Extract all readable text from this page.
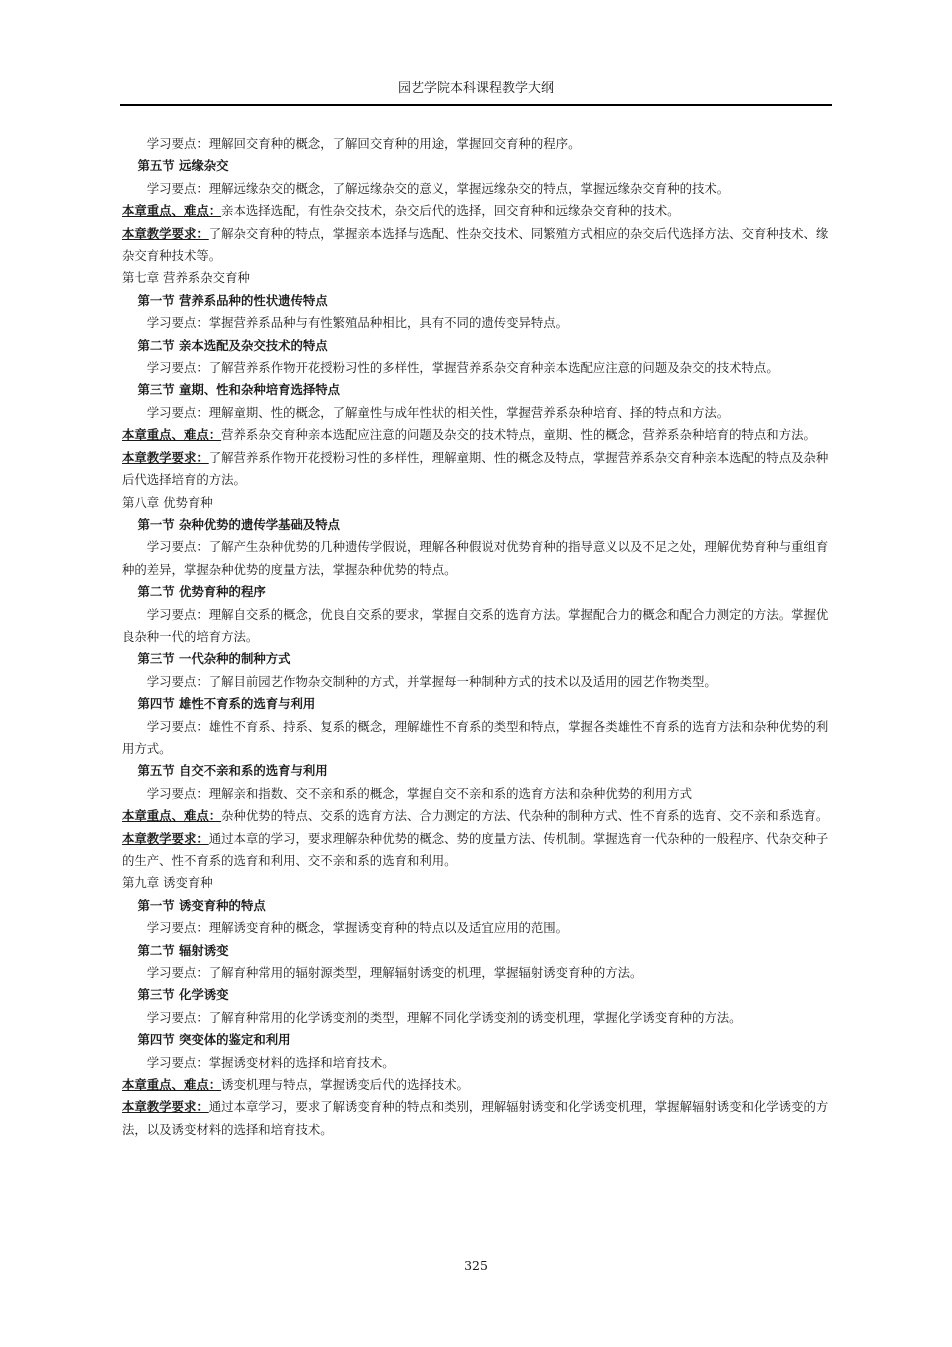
园艺学院本科课程教学大纲

学习要点：理解回交育种的概念，了解回交育种的用途，掌握回交育种的程序。

第五节 远缘杂交

学习要点：理解远缘杂交的概念，了解远缘杂交的意义，掌握远缘杂交的特点，掌握远缘杂交育种的技术。

本章重点、难点：亲本选择选配，有性杂交技术，杂交后代的选择，回交育种和远缘杂交育种的技术。

本章教学要求：了解杂交育种的特点，掌握亲本选择与选配、性杂交技术、同繁殖方式相应的杂交后代选择方法、交育种技术、缘杂交育种技术等。

第七章 营养系杂交育种

第一节 营养系品种的性状遗传特点

学习要点：掌握营养系品种与有性繁殖品种相比，具有不同的遗传变异特点。

第二节 亲本选配及杂交技术的特点

学习要点：了解营养系作物开花授粉习性的多样性，掌握营养系杂交育种亲本选配应注意的问题及杂交的技术特点。

第三节 童期、性和杂种培育选择特点

学习要点：理解童期、性的概念，了解童性与成年性状的相关性，掌握营养系杂种培育、择的特点和方法。

本章重点、难点：营养系杂交育种亲本选配应注意的问题及杂交的技术特点，童期、性的概念，营养系杂种培育的特点和方法。

本章教学要求：了解营养系作物开花授粉习性的多样性，理解童期、性的概念及特点，掌握营养系杂交育种亲本选配的特点及杂种后代选择培育的方法。

第八章 优势育种

第一节 杂种优势的遗传学基础及特点

学习要点：了解产生杂种优势的几种遗传学假说，理解各种假说对优势育种的指导意义以及不足之处，理解优势育种与重组育种的差异，掌握杂种优势的度量方法，掌握杂种优势的特点。

第二节 优势育种的程序

学习要点：理解自交系的概念，优良自交系的要求，掌握自交系的选育方法。掌握配合力的概念和配合力测定的方法。掌握优良杂种一代的培育方法。

第三节 一代杂种的制种方式

学习要点：了解目前园艺作物杂交制种的方式，并掌握每一种制种方式的技术以及适用的园艺作物类型。

第四节 雄性不育系的选育与利用

学习要点：雄性不育系、持系、复系的概念，理解雄性不育系的类型和特点，掌握各类雄性不育系的选育方法和杂种优势的利用方式。

第五节 自交不亲和系的选育与利用

学习要点：理解亲和指数、交不亲和系的概念，掌握自交不亲和系的选育方法和杂种优势的利用方式

本章重点、难点：杂种优势的特点、交系的选育方法、合力测定的方法、代杂种的制种方式、性不育系的选育、交不亲和系选育。

本章教学要求：通过本章的学习，要求理解杂种优势的概念、势的度量方法、传机制。掌握选育一代杂种的一般程序、代杂交种子的生产、性不育系的选育和利用、交不亲和系的选育和利用。

第九章 诱变育种

第一节 诱变育种的特点

学习要点：理解诱变育种的概念，掌握诱变育种的特点以及适宜应用的范围。

第二节 辐射诱变

学习要点：了解育种常用的辐射源类型，理解辐射诱变的机理，掌握辐射诱变育种的方法。

第三节 化学诱变

学习要点：了解育种常用的化学诱变剂的类型，理解不同化学诱变剂的诱变机理，掌握化学诱变育种的方法。

第四节 突变体的鉴定和利用

学习要点：掌握诱变材料的选择和培育技术。

本章重点、难点：诱变机理与特点，掌握诱变后代的选择技术。

本章教学要求：通过本章学习，要求了解诱变育种的特点和类别，理解辐射诱变和化学诱变机理，掌握解辐射诱变和化学诱变的方法，以及诱变材料的选择和培育技术。

325
